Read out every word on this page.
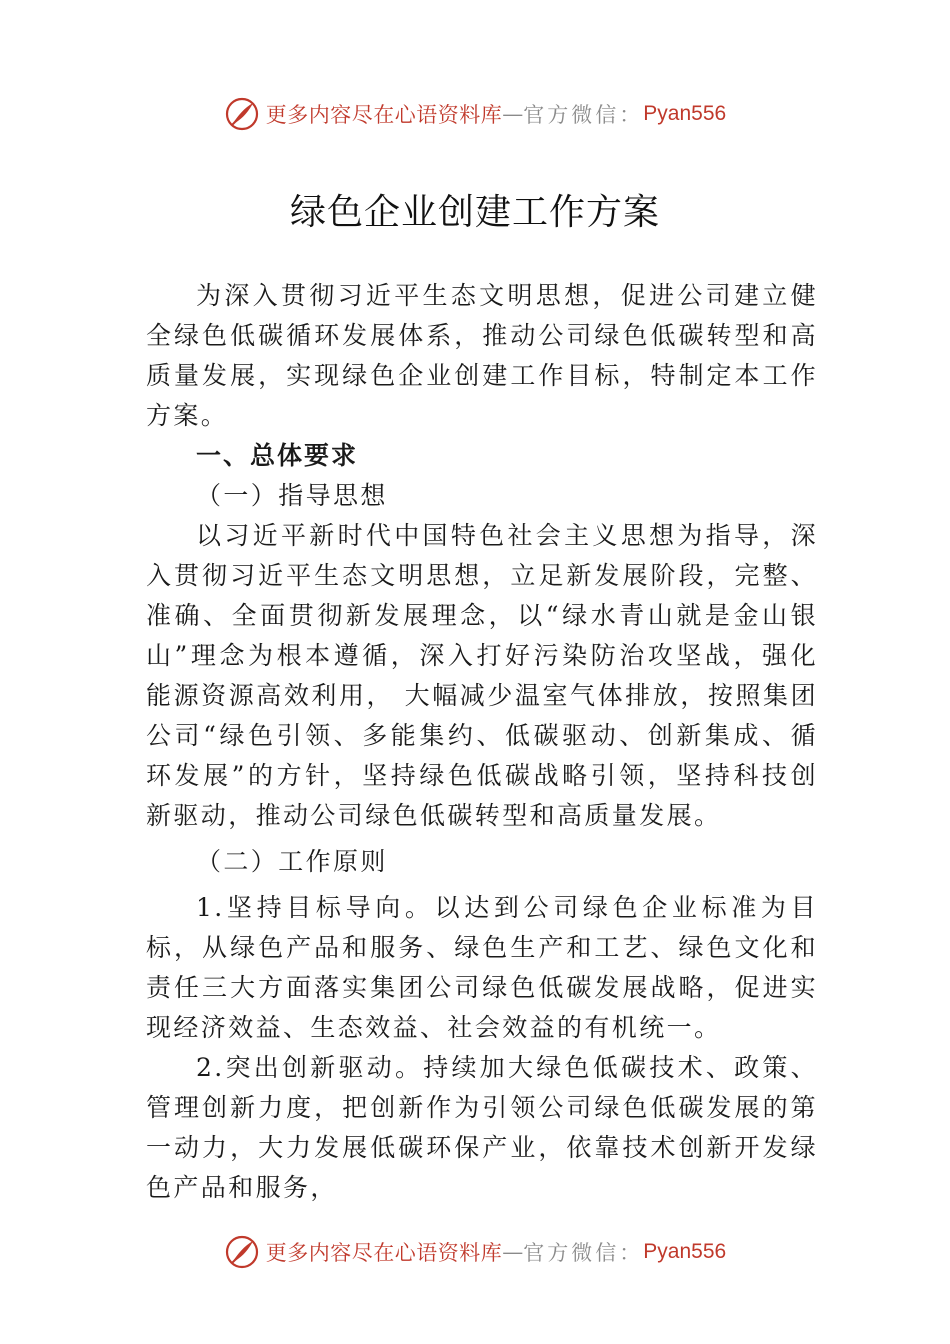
更多内容尽在心语资料库 — 官方微信： Pyan556
绿色企业创建工作方案

为深入贯彻习近平生态文明思想，促进公司建立健全绿色低碳循环发展体系，推动公司绿色低碳转型和高质量发展，实现绿色企业创建工作目标，特制定本工作方案。

一、总体要求

（一）指导思想

以习近平新时代中国特色社会主义思想为指导，深入贯彻习近平生态文明思想，立足新发展阶段，完整、准确、全面贯彻新发展理念，以“绿水青山就是金山银山”理念为根本遵循，深入打好污染防治攻坚战，强化能源资源高效利用， 大幅减少温室气体排放，按照集团公司“绿色引领、多能集约、低碳驱动、创新集成、循环发展”的方针，坚持绿色低碳战略引领，坚持科技创新驱动，推动公司绿色低碳转型和高质量发展。

（二）工作原则

1.坚持目标导向。以达到公司绿色企业标准为目标，从绿色产品和服务、绿色生产和工艺、绿色文化和责任三大方面落实集团公司绿色低碳发展战略，促进实现经济效益、生态效益、社会效益的有机统一。

2.突出创新驱动。持续加大绿色低碳技术、政策、管理创新力度，把创新作为引领公司绿色低碳发展的第一动力，大力发展低碳环保产业，依靠技术创新开发绿色产品和服务，

更多内容尽在心语资料库 — 官方微信： Pyan556
